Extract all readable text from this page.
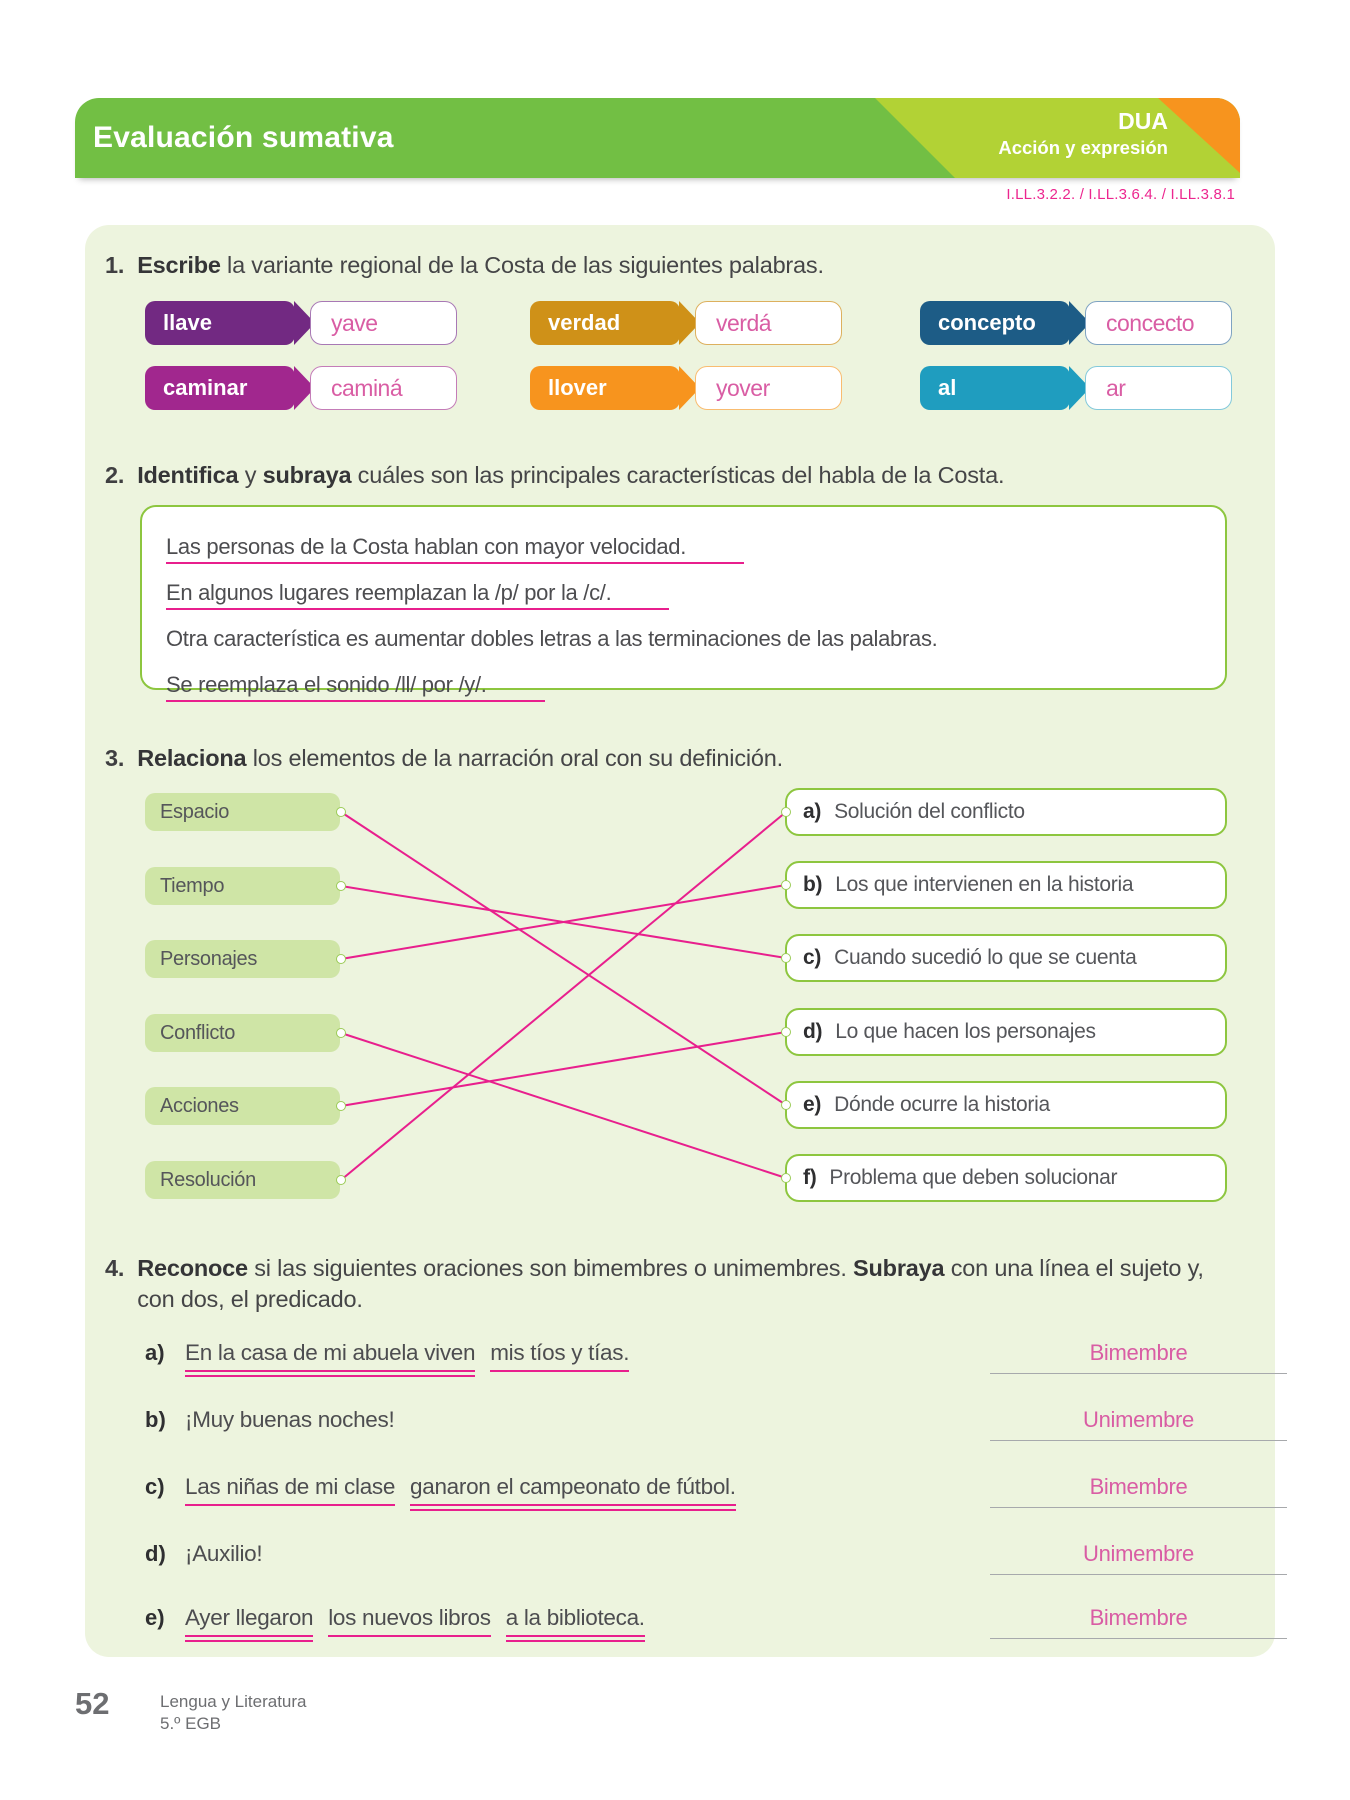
Evaluación sumativa	DUA
Acción y expresión
I.LL.3.2.2. / I.LL.3.6.4. / I.LL.3.8.1
1. Escribe la variante regional de la Costa de las siguientes palabras.
llave	yave	verdad	verdá	concepto	concecto
caminar	caminá	llover	yover	al	ar
2. Identifica y subraya cuáles son las principales características del habla de la Costa.
Las personas de la Costa hablan con mayor velocidad.
En algunos lugares reemplazan la /p/ por la /c/.
Otra característica es aumentar dobles letras a las terminaciones de las palabras.
Se reemplaza el sonido /ll/ por /y/.
3. Relaciona los elementos de la narración oral con su definición.
Espacio
Tiempo
Personajes
Conflicto
Acciones
Resolución
a) Solución del conflicto
b) Los que intervienen en la historia
c) Cuando sucedió lo que se cuenta
d) Lo que hacen los personajes
e) Dónde ocurre la historia
f) Problema que deben solucionar
4. Reconoce si las siguientes oraciones son bimembres o unimembres. Subraya con una línea el sujeto y, con dos, el predicado.
a) En la casa de mi abuela viven mis tíos y tías.	Bimembre
b) ¡Muy buenas noches!	Unimembre
c) Las niñas de mi clase ganaron el campeonato de fútbol.	Bimembre
d) ¡Auxilio!	Unimembre
e) Ayer llegaron los nuevos libros a la biblioteca.	Bimembre
52	Lengua y Literatura
5.º EGB
